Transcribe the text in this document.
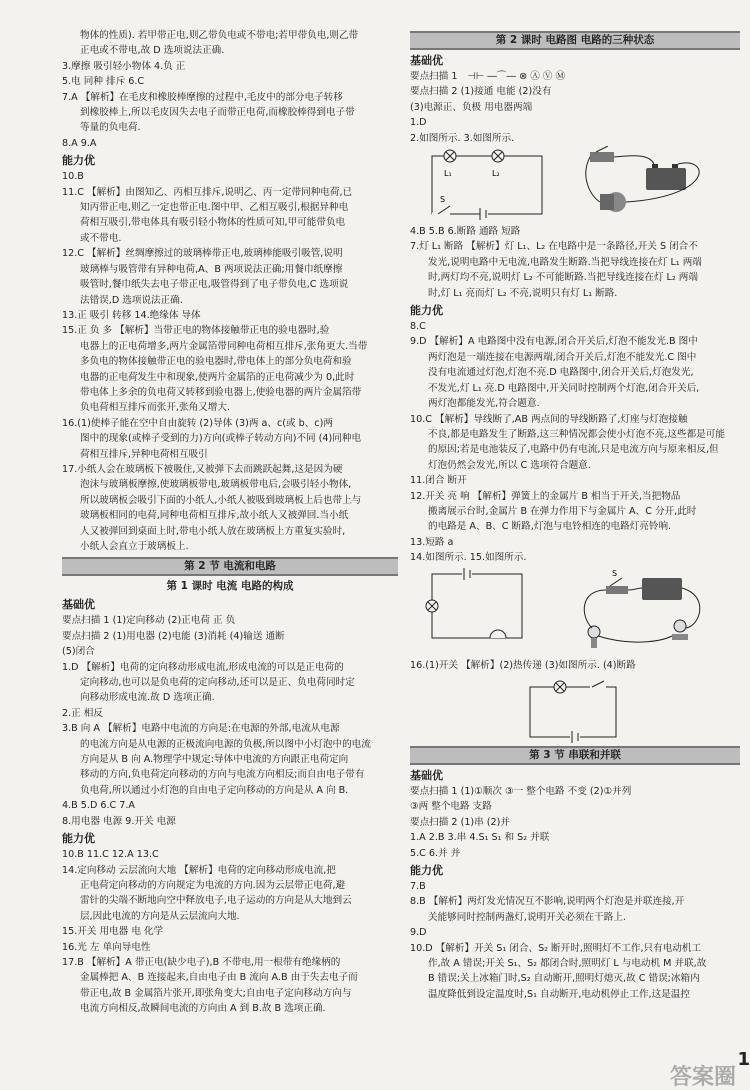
物体的性质). 若甲带正电,则乙带负电或不带电;若甲带负电,则乙带
正电或不带电,故 D 选项说法正确.
3.摩擦 吸引轻小物体 4.负 正
5.电 同种 排斥 6.C
7.A 【解析】在毛皮和橡胶棒摩擦的过程中,毛皮中的部分电子转移
到橡胶棒上,所以毛皮因失去电子而带正电荷,而橡胶棒得到电子带
等量的负电荷.
8.A 9.A
能力优
10.B
11.C 【解析】由图知乙、丙相互排斥,说明乙、丙一定带同种电荷,已
知丙带正电,则乙一定也带正电.图中甲、乙相互吸引,根据异种电
荷相互吸引,带电体具有吸引轻小物体的性质可知,甲可能带负电
或不带电.
12.C 【解析】丝绸摩擦过的玻璃棒带正电,玻璃棒能吸引吸管,说明
玻璃棒与吸管带有异种电荷,A、B 两项说法正确;用餐巾纸摩擦
吸管时,餐巾纸失去电子带正电,吸管得到了电子带负电,C 选项说
法错误,D 选项说法正确.
13.正 吸引 转移 14.绝缘体 导体
15.正 负 多 【解析】当带正电的物体接触带正电的验电器时,验
电器上的正电荷增多,两片金属箔带同种电荷相互排斥,张角更大.当带
多负电的物体接触带正电的验电器时,带电体上的部分负电荷和验
电器的正电荷发生中和现象,使两片金属箔的正电荷减少为 0,此时
带电体上多余的负电荷又转移到验电器上,使验电器的两片金属箔带
负电荷相互排斥而张开,张角又增大.
16.(1)使棒子能在空中自由旋转 (2)导体 (3)两 a、c(或 b、c)两
图中的现象(或棒子受到的力)方向(或棒子转动方向)不同 (4)同种电
荷相互排斥,异种电荷相互吸引
17.小纸人会在玻璃板下被吸住,又被弹下去而跳跃起舞,这是因为硬
泡沫与玻璃板摩擦,使玻璃板带电,玻璃板带电后,会吸引轻小物体,
所以玻璃板会吸引下面的小纸人,小纸人被吸到玻璃板上后也带上与
玻璃板相同的电荷,同种电荷相互排斥,故小纸人又被弹回.当小纸
人又被弹回到桌面上时,带电小纸人放在玻璃板上方重复实验时,
小纸人会直立于玻璃板上.
第 2 节 电流和电路
第 1 课时 电流 电路的构成
基础优
要点扫描 1 (1)定向移动 (2)正电荷 正 负
要点扫描 2 (1)用电器 (2)电能 (3)消耗 (4)输送 通断
(5)闭合
1.D 【解析】电荷的定向移动形成电流,形成电流的可以是正电荷的
定向移动,也可以是负电荷的定向移动,还可以是正、负电荷同时定
向移动形成电流.故 D 选项正确.
2.正 相反
3.B 向 A 【解析】电路中电流的方向是:在电源的外部,电流从电源
的电流方向是从电源的正极流向电源的负极,所以图中小灯泡中的电流
方向是从 B 向 A.物理学中规定:导体中电流的方向跟正电荷定向
移动的方向,负电荷定向移动的方向与电流方向相反;而自由电子带有
负电荷,所以通过小灯泡的自由电子定向移动的方向是从 A 向 B.
4.B 5.D 6.C 7.A
8.用电器 电源 9.开关 电源
能力优
10.B 11.C 12.A 13.C
14.定向移动 云层流向大地 【解析】电荷的定向移动形成电流,把
正电荷定向移动的方向规定为电流的方向.因为云层带正电荷,避
雷针的尖端不断地向空中释放电子,电子运动的方向是从大地到云
层,因此电流的方向是从云层流向大地.
15.开关 用电器 电 化学
16.光 左 单向导电性
17.B 【解析】A 带正电(缺少电子),B 不带电,用一根带有绝缘柄的
金属棒把 A、B 连接起来,自由电子由 B 流向 A.B 由于失去电子而
带正电,故 B 金属箔片张开,即张角变大;自由电子定向移动方向与
电流方向相反,故瞬间电流的方向由 A 到 B.故 B 选项正确.
第 2 课时 电路图 电路的三种状态
基础优
要点扫描 1 ⊣⊢ ―⌒― ⊗ Ⓐ Ⓥ Ⓜ
要点扫描 2 (1)接通 电能 (2)没有
(3)电源正、负极 用电器两端
1.D
2.如图所示. 3.如图所示.
L₁	L₂
S
4.B 5.B 6.断路 通路 短路
7.灯 L₁ 断路 【解析】灯 L₁、L₂ 在电路中是一条路径,开关 S 闭合不
发光,说明电路中无电流,电路发生断路.当把导线连接在灯 L₁ 两端
时,两灯均不亮,说明灯 L₂ 不可能断路.当把导线连接在灯 L₂ 两端
时,灯 L₁ 亮而灯 L₂ 不亮,说明只有灯 L₁ 断路.
能力优
8.C
9.D 【解析】A 电路图中没有电源,闭合开关后,灯泡不能发光.B 图中
两灯泡是一端连接在电源两端,闭合开关后,灯泡不能发光.C 图中
没有电流通过灯泡,灯泡不亮.D 电路图中,闭合开关后,灯泡发光,
不发光,灯 L₁ 亮.D 电路图中,开关同时控制两个灯泡,闭合开关后,
两灯泡都能发光,符合题意.
10.C 【解析】导线断了,AB 两点间的导线断路了,灯座与灯泡接触
不良,都是电路发生了断路,这三种情况都会使小灯泡不亮,这些都是可能
的原因;若是电池装反了,电路中仍有电流,只是电流方向与原来相反,但
灯泡仍然会发光,所以 C 选项符合题意.
11.闭合 断开
12.开关 亮 响 【解析】弹簧上的金属片 B 相当于开关,当把物品
搬离展示台时,金属片 B 在弹力作用下与金属片 A、C 分开,此时
的电路是 A、B、C 断路,灯泡与电铃相连的电路灯亮铃响.
13.短路 a
14.如图所示. 15.如图所示.
S
16.(1)开关 【解析】(2)热传递 (3)如图所示. (4)断路
第 3 节 串联和并联
基础优
要点扫描 1 (1)①顺次 ③一 整个电路 不变 (2)①并列
③两 整个电路 支路
要点扫描 2 (1)串 (2)并
1.A 2.B 3.串 4.S₁ S₁ 和 S₂ 并联
5.C 6.并 并
能力优
7.B
8.B 【解析】两灯发光情况互不影响,说明两个灯泡是并联连接,开
关能够同时控制两盏灯,说明开关必须在干路上.
9.D
10.D 【解析】开关 S₁ 闭合、S₂ 断开时,照明灯不工作,只有电动机工
作,故 A 错误;开关 S₁、S₂ 都闭合时,照明灯 L 与电动机 M 并联,故
B 错误;关上冰箱门时,S₂ 自动断开,照明灯熄灭,故 C 错误;冰箱内
温度降低到设定温度时,S₁ 自动断开,电动机停止工作,这是温控
1
答案圈
